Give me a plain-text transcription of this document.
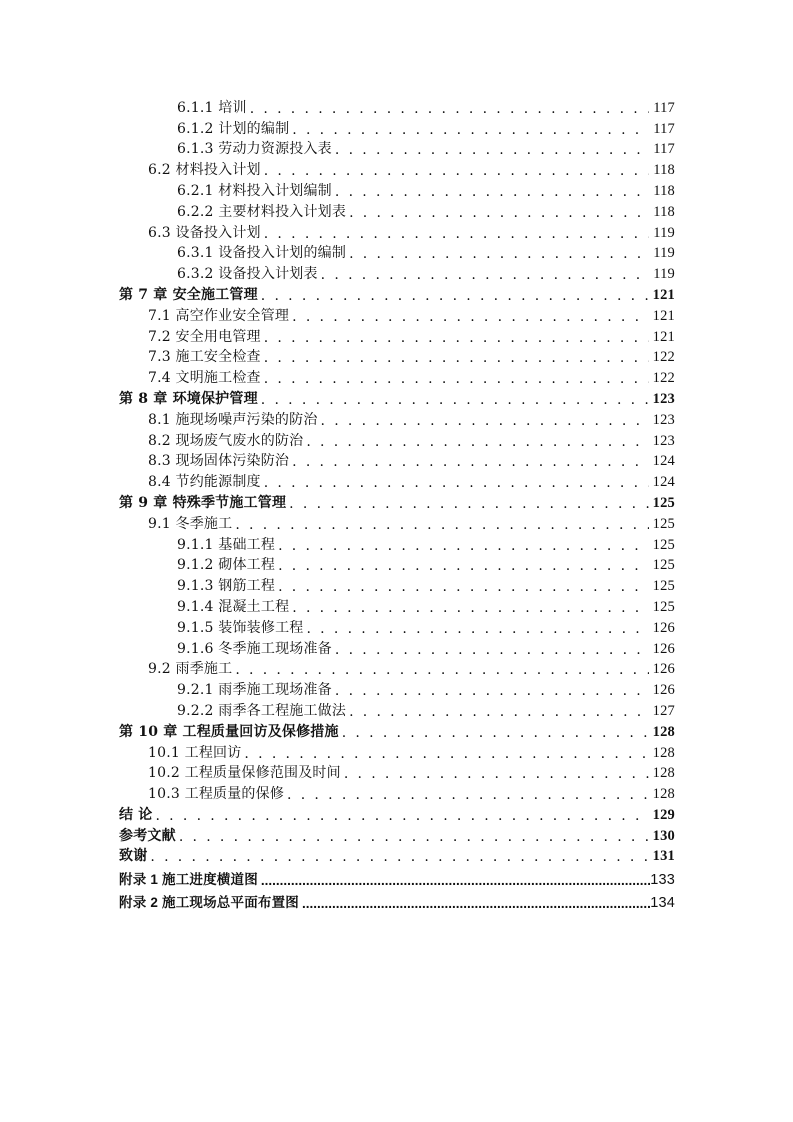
6.1.1 培训 . . .	117
6.1.2 计划的编制 . . .	117
6.1.3 劳动力资源投入表 . . .	117
6.2 材料投入计划 . . .	118
6.2.1 材料投入计划编制 . . .	118
6.2.2 主要材料投入计划表 . . .	118
6.3 设备投入计划 . . .	119
6.3.1 设备投入计划的编制 . . .	119
6.3.2 设备投入计划表 . . .	119
第 7 章 安全施工管理 . . .	121
7.1 高空作业安全管理 . . .	121
7.2 安全用电管理 . . .	121
7.3 施工安全检查 . . .	122
7.4 文明施工检查 . . .	122
第 8 章 环境保护管理 . . .	123
8.1 施现场噪声污染的防治 . . .	123
8.2 现场废气废水的防治 . . .	123
8.3 现场固体污染防治 . . .	124
8.4 节约能源制度 . . .	124
第 9 章 特殊季节施工管理 . . .	125
9.1 冬季施工 . . .	125
9.1.1 基础工程 . . .	125
9.1.2 砌体工程 . . .	125
9.1.3 钢筋工程 . . .	125
9.1.4 混凝土工程 . . .	125
9.1.5 装饰装修工程 . . .	126
9.1.6 冬季施工现场准备 . . .	126
9.2 雨季施工 . . .	126
9.2.1 雨季施工现场准备 . . .	126
9.2.2 雨季各工程施工做法 . . .	127
第 10 章 工程质量回访及保修措施 . . .	128
10.1 工程回访 . . .	128
10.2 工程质量保修范围及时间 . . .	128
10.3 工程质量的保修 . . .	128
结 论 . . .	129
参考文献 . . .	130
致谢 . . .	131
附录 1 施工进度横道图 .....	133
附录 2 施工现场总平面布置图 .....	134
